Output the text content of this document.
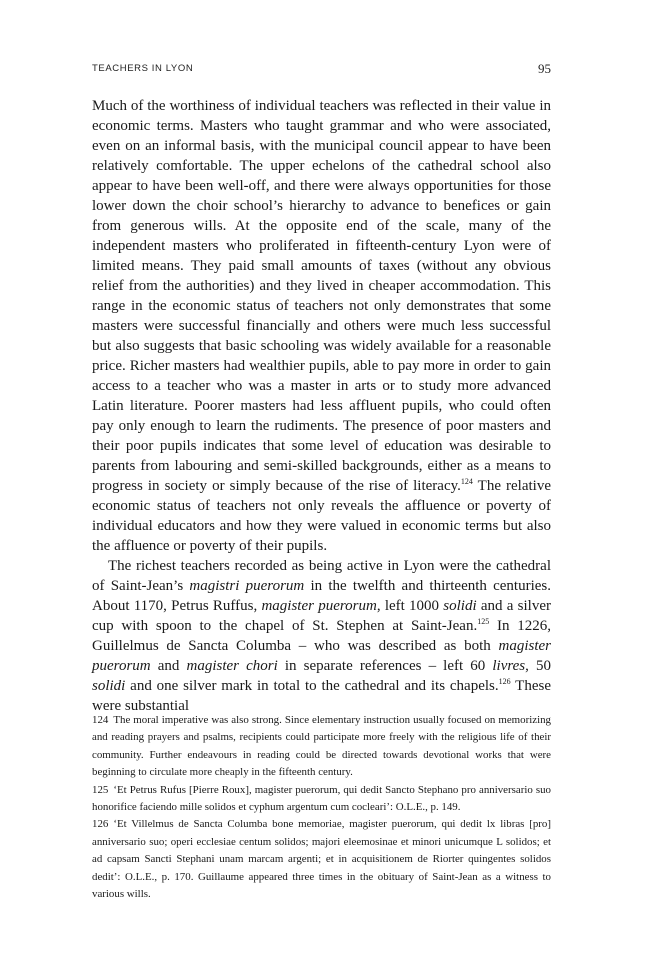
TEACHERS IN LYON	95

Much of the worthiness of individual teachers was reflected in their value in economic terms. Masters who taught grammar and who were associated, even on an informal basis, with the municipal council appear to have been relatively comfortable. The upper echelons of the cathedral school also appear to have been well-off, and there were always opportunities for those lower down the choir school’s hierarchy to advance to benefices or gain from generous wills. At the opposite end of the scale, many of the independent masters who proliferated in fifteenth-century Lyon were of limited means. They paid small amounts of taxes (without any obvious relief from the authorities) and they lived in cheaper accommodation. This range in the economic status of teachers not only demonstrates that some masters were successful financially and others were much less successful but also suggests that basic schooling was widely available for a reasonable price. Richer masters had wealthier pupils, able to pay more in order to gain access to a teacher who was a master in arts or to study more advanced Latin literature. Poorer masters had less affluent pupils, who could often pay only enough to learn the rudiments. The presence of poor masters and their poor pupils indicates that some level of education was desirable to parents from labouring and semi-skilled backgrounds, either as a means to progress in society or simply because of the rise of literacy.$^{124}$ The relative economic status of teachers not only reveals the affluence or poverty of individual educators and how they were valued in economic terms but also the affluence or poverty of their pupils.

The richest teachers recorded as being active in Lyon were the cathedral of Saint-Jean’s magistri puerorum in the twelfth and thirteenth centuries. About 1170, Petrus Ruffus, magister puerorum, left 1000 solidi and a silver cup with spoon to the chapel of St. Stephen at Saint-Jean.$^{125}$ In 1226, Guillelmus de Sancta Columba – who was described as both magister puerorum and magister chori in separate references – left 60 livres, 50 solidi and one silver mark in total to the cathedral and its chapels.$^{126}$ These were substantial

124 The moral imperative was also strong. Since elementary instruction usually focused on memorizing and reading prayers and psalms, recipients could participate more freely with the religious life of their community. Further endeavours in reading could be directed towards devotional works that were beginning to circulate more cheaply in the fifteenth century.

125 ‘Et Petrus Rufus [Pierre Roux], magister puerorum, qui dedit Sancto Stephano pro anniversario suo honorifice faciendo mille solidos et cyphum argentum cum cocleari’: O.L.E., p. 149.

126 ‘Et Villelmus de Sancta Columba bone memoriae, magister puerorum, qui dedit lx libras [pro] anniversario suo; operi ecclesiae centum solidos; majori eleemosinae et minori unicumque L solidos; et ad capsam Sancti Stephani unam marcam argenti; et in acquisitionem de Riorter quingentes solidos dedit’: O.L.E., p. 170. Guillaume appeared three times in the obituary of Saint-Jean as a witness to various wills.
